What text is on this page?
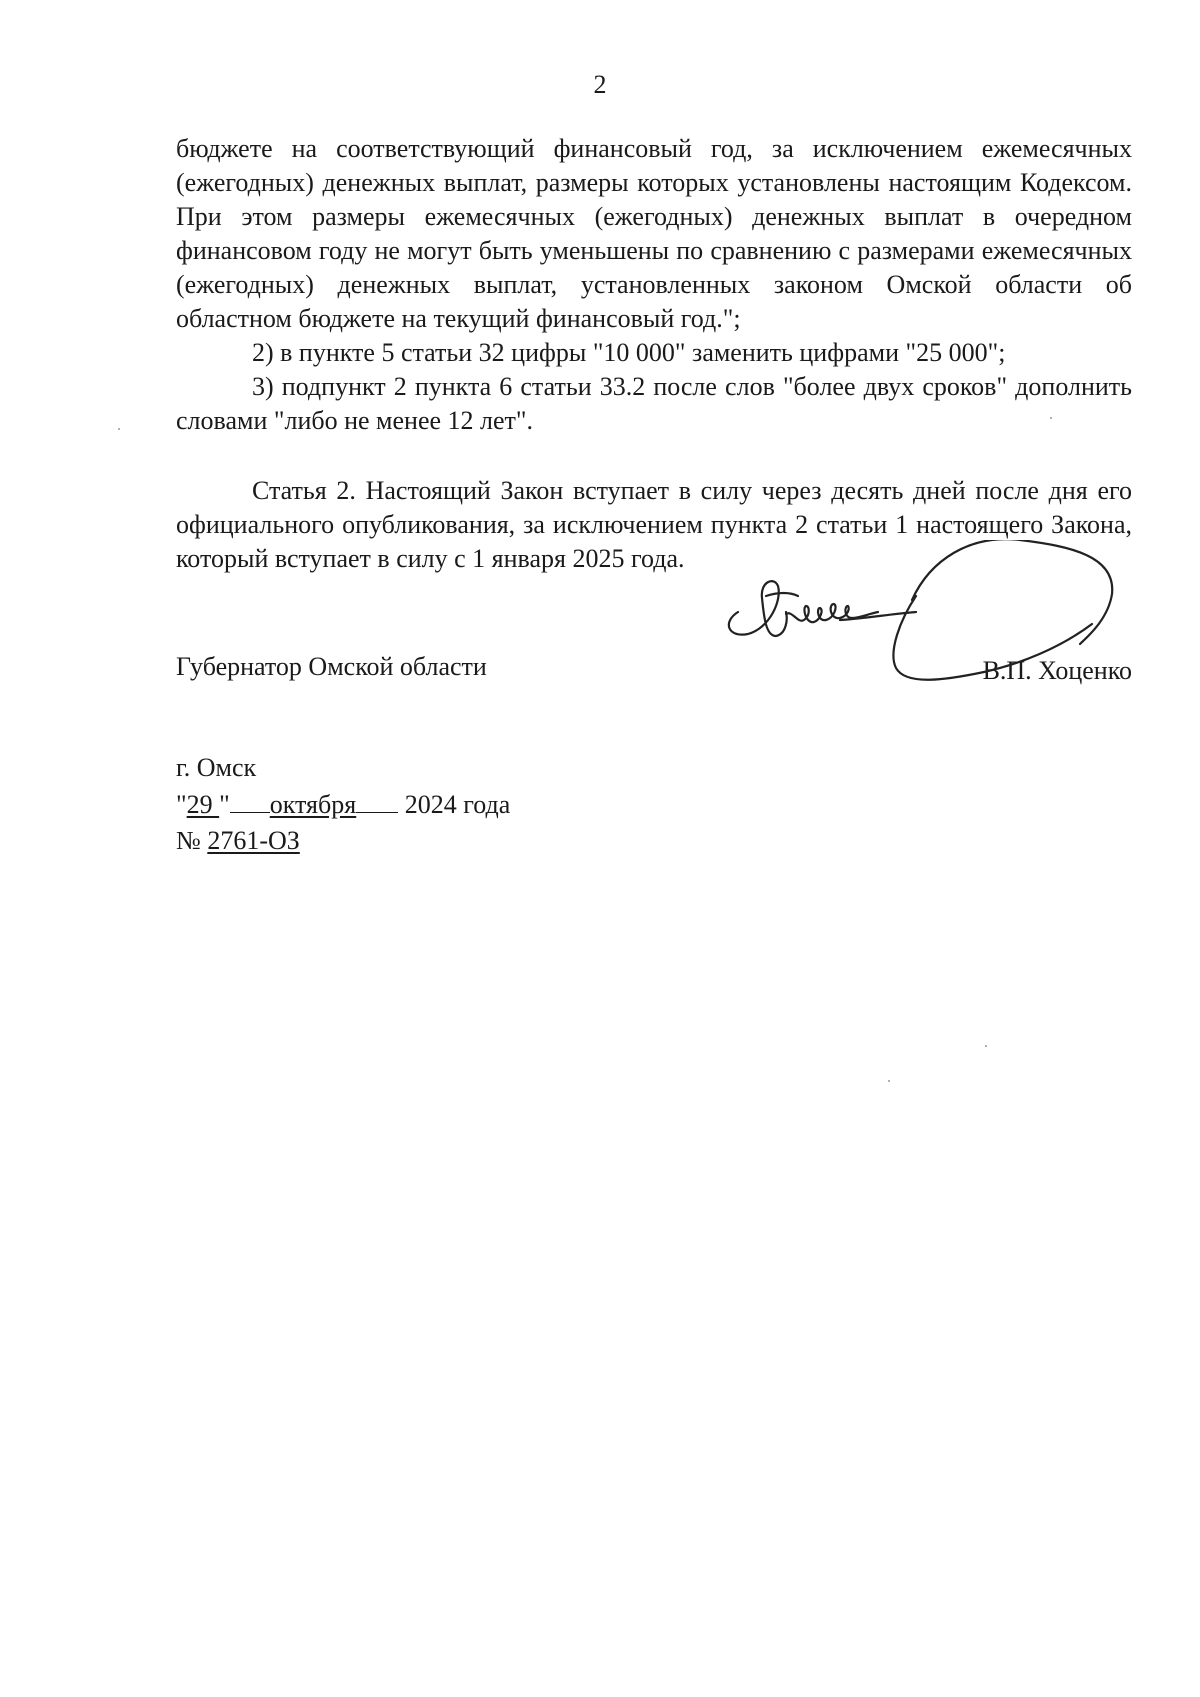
2

бюджете на соответствующий финансовый год, за исключением ежемесячных (ежегодных) денежных выплат, размеры которых установлены настоящим Кодексом. При этом размеры ежемесячных (ежегодных) денежных выплат в очередном финансовом году не могут быть уменьшены по сравнению с размерами ежемесячных (ежегодных) денежных выплат, установленных законом Омской области об областном бюджете на текущий финансовый год.";

2) в пункте 5 статьи 32 цифры "10 000" заменить цифрами "25 000";

3) подпункт 2 пункта 6 статьи 33.2 после слов "более двух сроков" дополнить словами "либо не менее 12 лет".

Статья 2. Настоящий Закон вступает в силу через десять дней после дня его официального опубликования, за исключением пункта 2 статьи 1 настоящего Закона, который вступает в силу с 1 января 2025 года.

Губернатор Омской области	В.П. Хоценко
г. Омск
"29 " октября 2024 года
№ 2761-ОЗ
